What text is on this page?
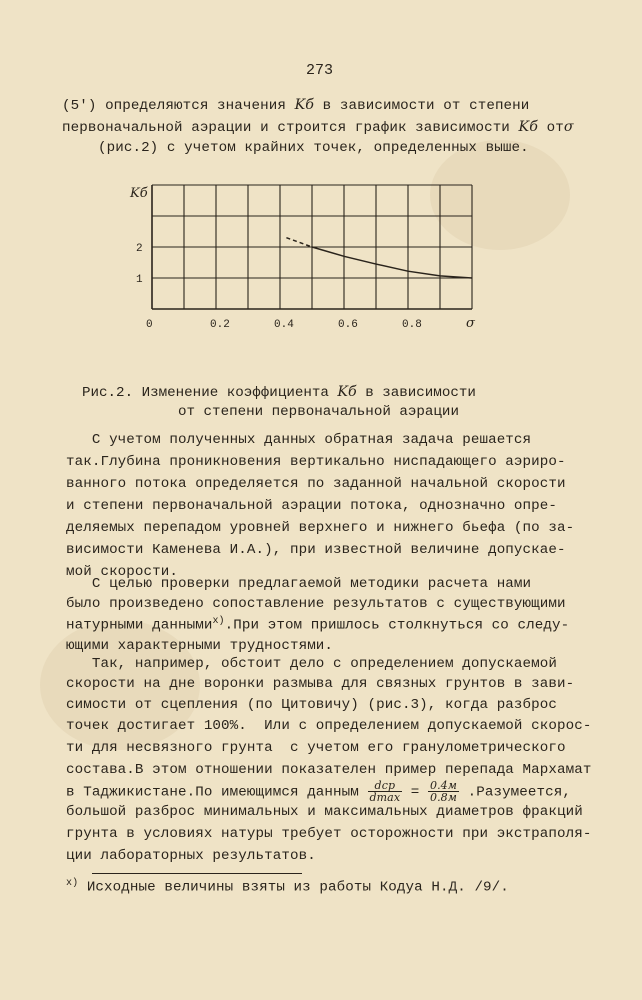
273
(5') определяются значения Kб в зависимости от степени
первоначальной аэрации и строится график зависимости Kб отσ
(рис.2) с учетом крайних точек, определенных выше.
Kб
1
2
0	0.2	0.4	0.6	0.8	σ
Рис.2. Изменение коэффициента Kб в зависимости
от степени первоначальной аэрации
С учетом полученных данных обратная задача решается
так.Глубина проникновения вертикально ниспадающего аэриро-
ванного потока определяется по заданной начальной скорости
и степени первоначальной аэрации потока, однозначно опре-
деляемых перепадом уровней верхнего и нижнего бьефа (по за-
висимости Каменева И.А.), при известной величине допускае-
мой скорости.
С целью проверки предлагаемой методики расчета нами
было произведено сопоставление результатов с существующими
натурными данными$^{x)}$.При этом пришлось столкнуться со следу-
ющими характерными трудностями.
Так, например, обстоит дело с определением допускаемой
скорости на дне воронки размыва для связных грунтов в зави-
симости от сцепления (по Цитовичу) (рис.3), когда разброс
точек достигает 100%.  Или с определением допускаемой скорос-
ти для несвязного грунта  с учетом его гранулометрического
состава.В этом отношении показателен пример перепада Мархамат
в Таджикистане.По имеющимся данным $\frac{\text{dср}}{dmax} = \frac{0.4м}{0.8м}$ .Разумеется,
большой разброс минимальных и максимальных диаметров фракций
грунта в условиях натуры требует осторожности при экстраполя-
ции лабораторных результатов.
$^{x)}$ Исходные величины взяты из работы Кодуа Н.Д. /9/.
